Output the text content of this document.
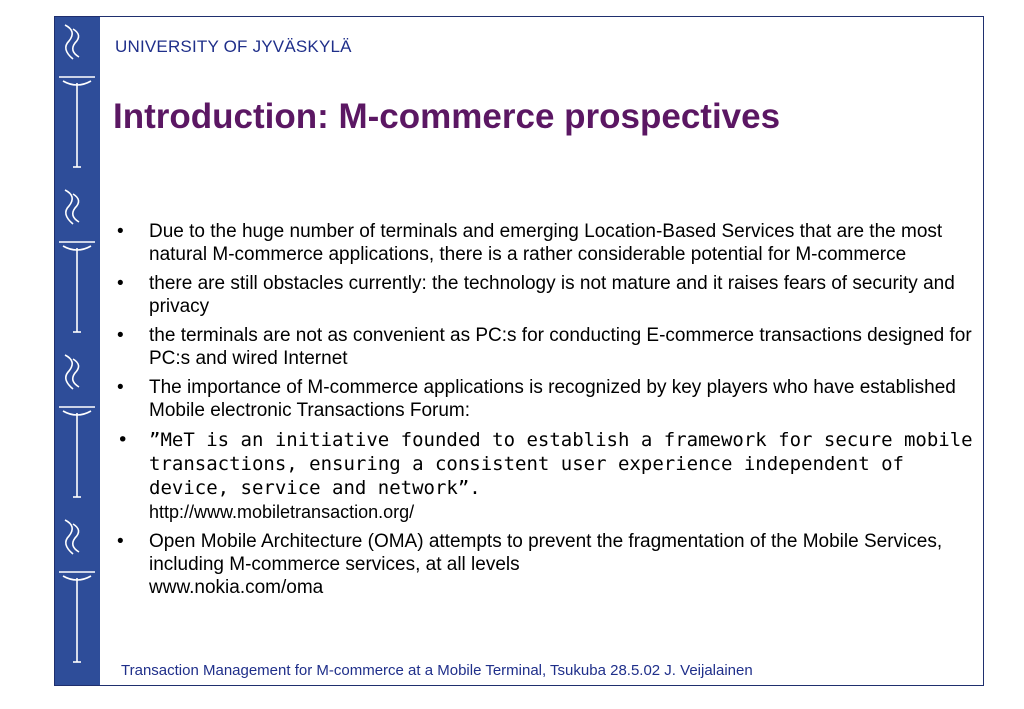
UNIVERSITY OF JYVÄSKYLÄ
Introduction: M-commerce prospectives
• Due to the huge number of terminals and emerging Location-Based Services that are the most natural M-commerce applications, there is a rather considerable potential for M-commerce
• there are still obstacles currently: the technology is not mature and it raises fears of security and privacy
• the terminals are not as convenient as PC:s for conducting E-commerce transactions designed for PC:s and wired Internet
• The importance of M-commerce applications is recognized by key players who have established Mobile electronic Transactions Forum:
• ”MeT is an initiative founded to establish a framework for secure mobile transactions, ensuring a consistent user experience independent of device, service and network”.
http://www.mobiletransaction.org/
• Open Mobile Architecture (OMA) attempts to prevent the fragmentation of the Mobile Services, including M-commerce services, at all levels
www.nokia.com/oma
Transaction Management for M-commerce at a Mobile Terminal, Tsukuba 28.5.02 J. Veijalainen
